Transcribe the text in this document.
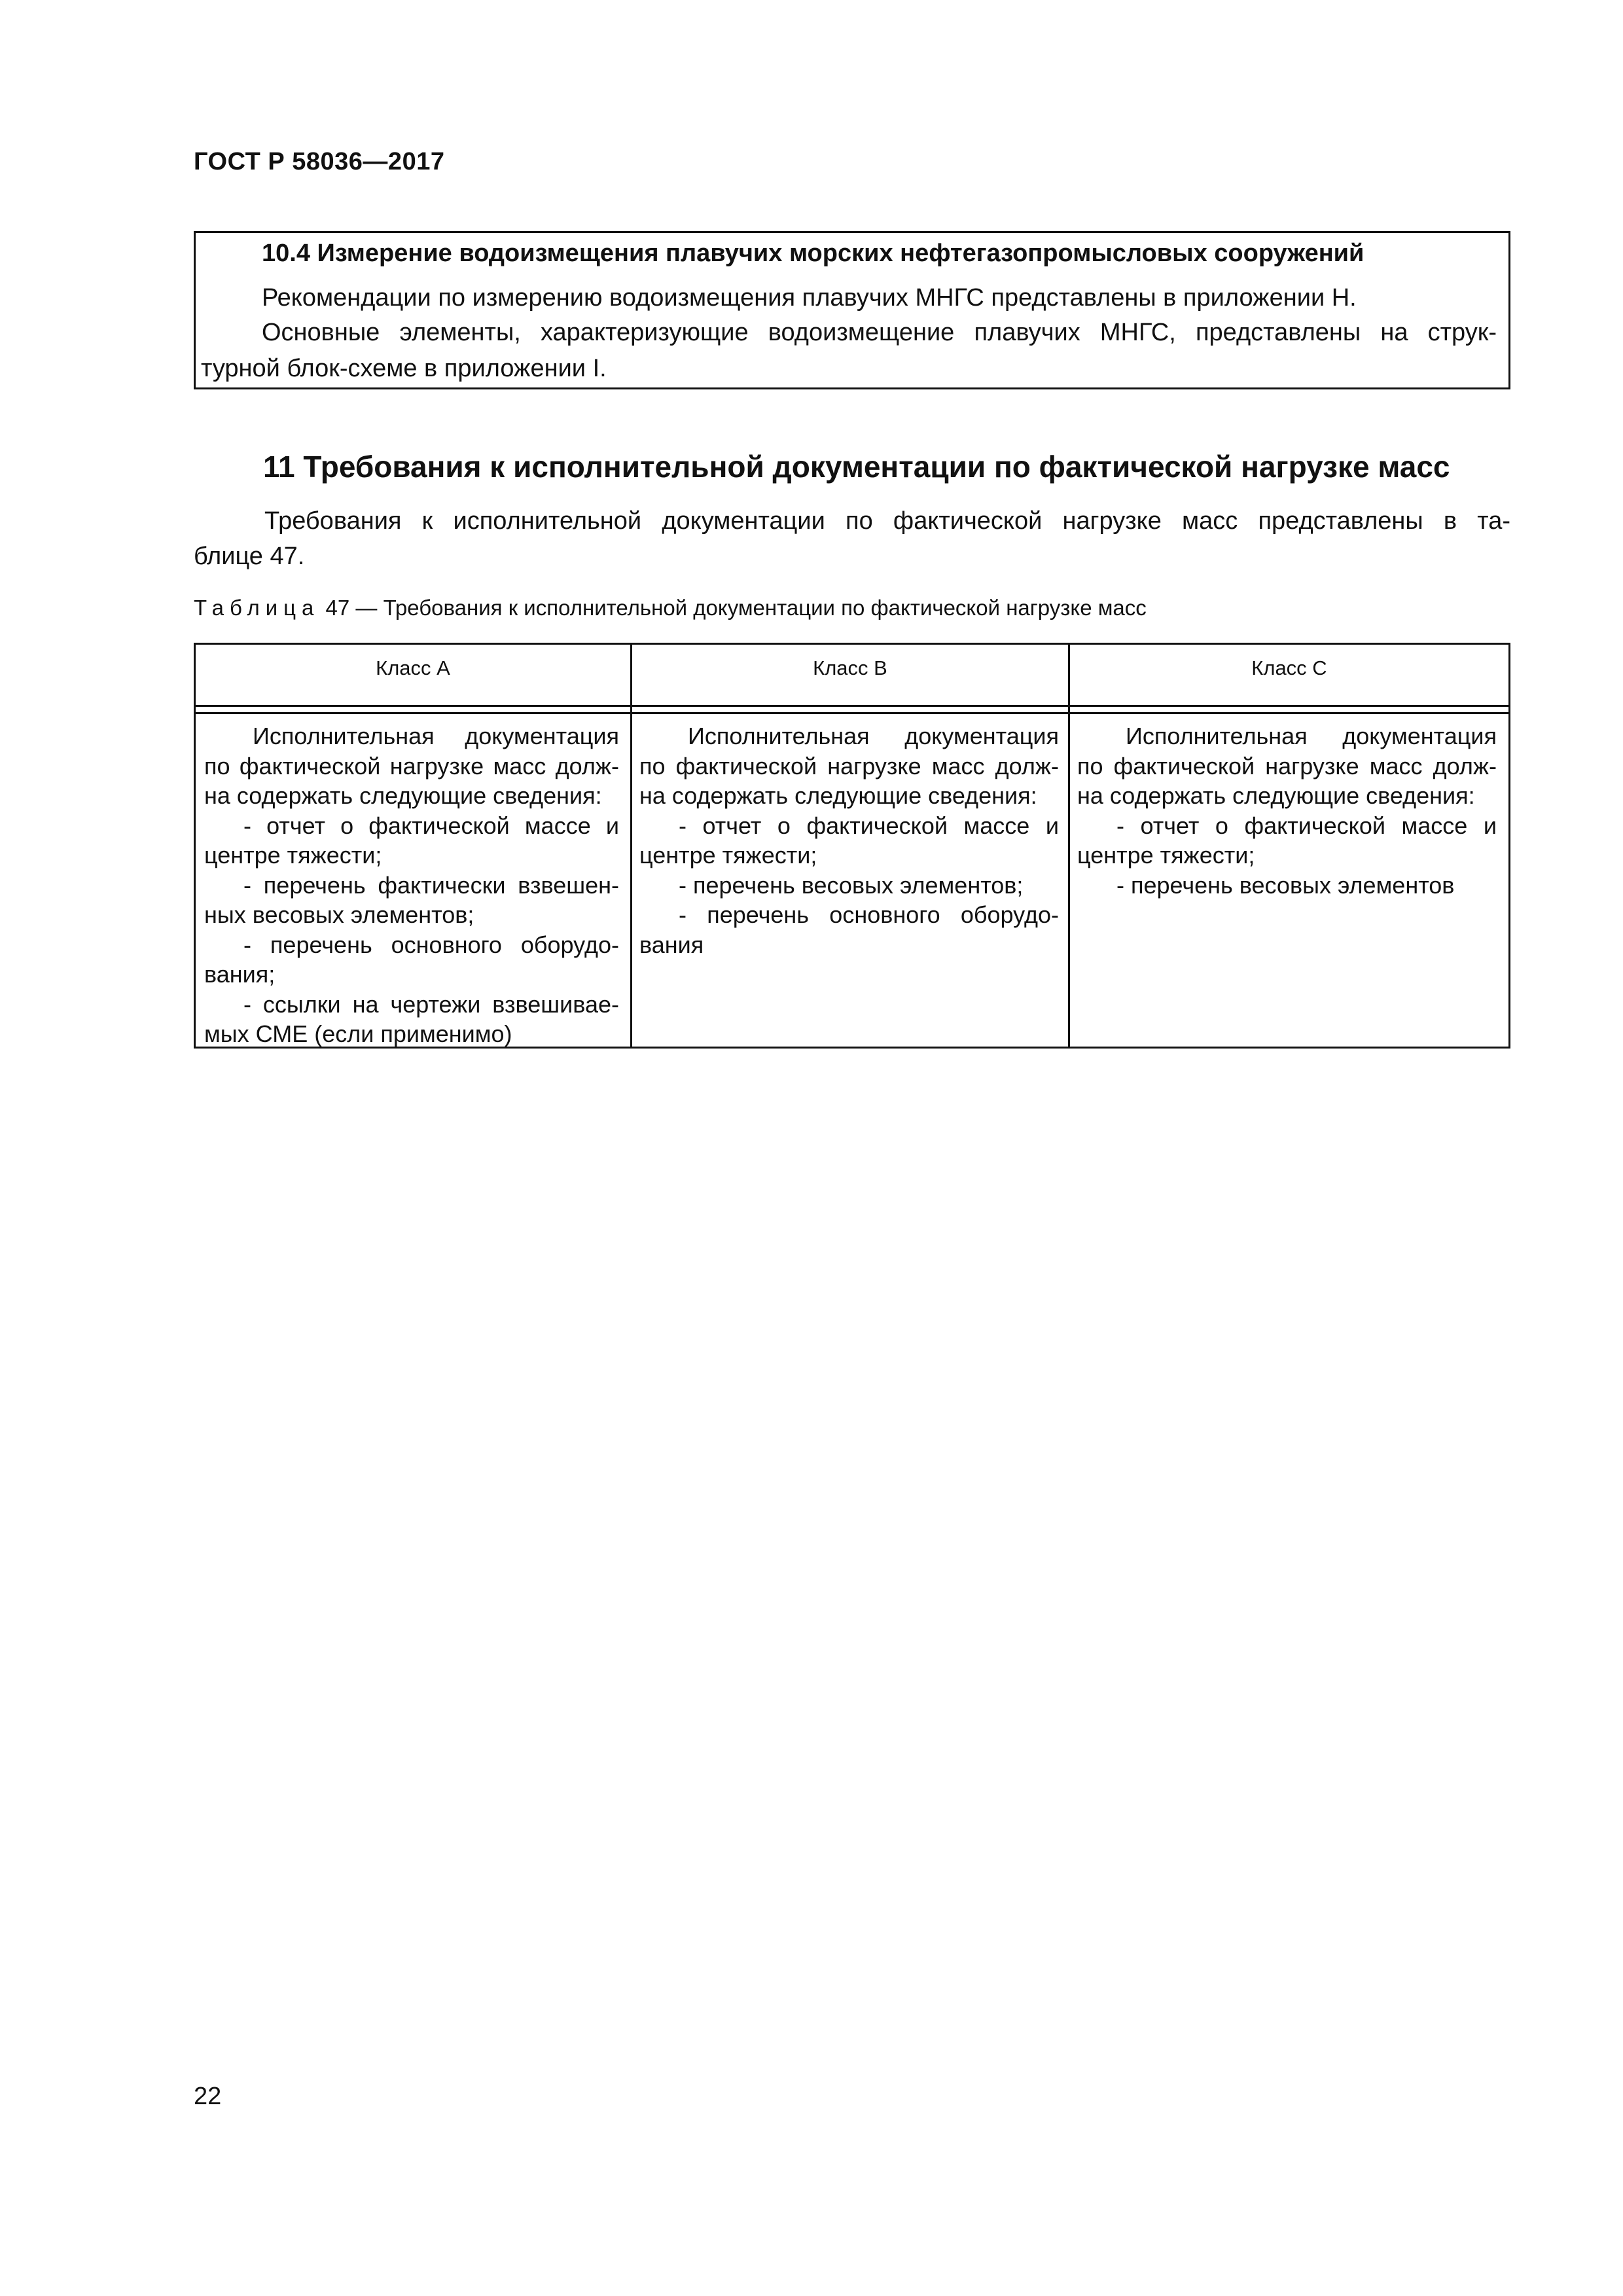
ГОСТ Р 58036—2017
10.4 Измерение водоизмещения плавучих морских нефтегазопромысловых сооружений
Рекомендации по измерению водоизмещения плавучих МНГС представлены в приложении Н.
Основные элементы, характеризующие водоизмещение плавучих МНГС, представлены на струк-
турной блок-схеме в приложении I.
11 Требования к исполнительной документации по фактической нагрузке масс
Требования к исполнительной документации по фактической нагрузке масс представлены в та-
блице 47.
Таблица 47 — Требования к исполнительной документации по фактической нагрузке масс
Класс А	Класс В	Класс С
Исполнительная документация
по фактической нагрузке масс долж-
на содержать следующие сведения:
- отчет о фактической массе и
центре тяжести;
- перечень фактически взвешен-
ных весовых элементов;
- перечень основного оборудо-
вания;
- ссылки на чертежи взвешивае-
мых СМЕ (если применимо)
Исполнительная документация
по фактической нагрузке масс долж-
на содержать следующие сведения:
- отчет о фактической массе и
центре тяжести;
- перечень весовых элементов;
- перечень основного оборудо-
вания
Исполнительная документация
по фактической нагрузке масс долж-
на содержать следующие сведения:
- отчет о фактической массе и
центре тяжести;
- перечень весовых элементов
22
